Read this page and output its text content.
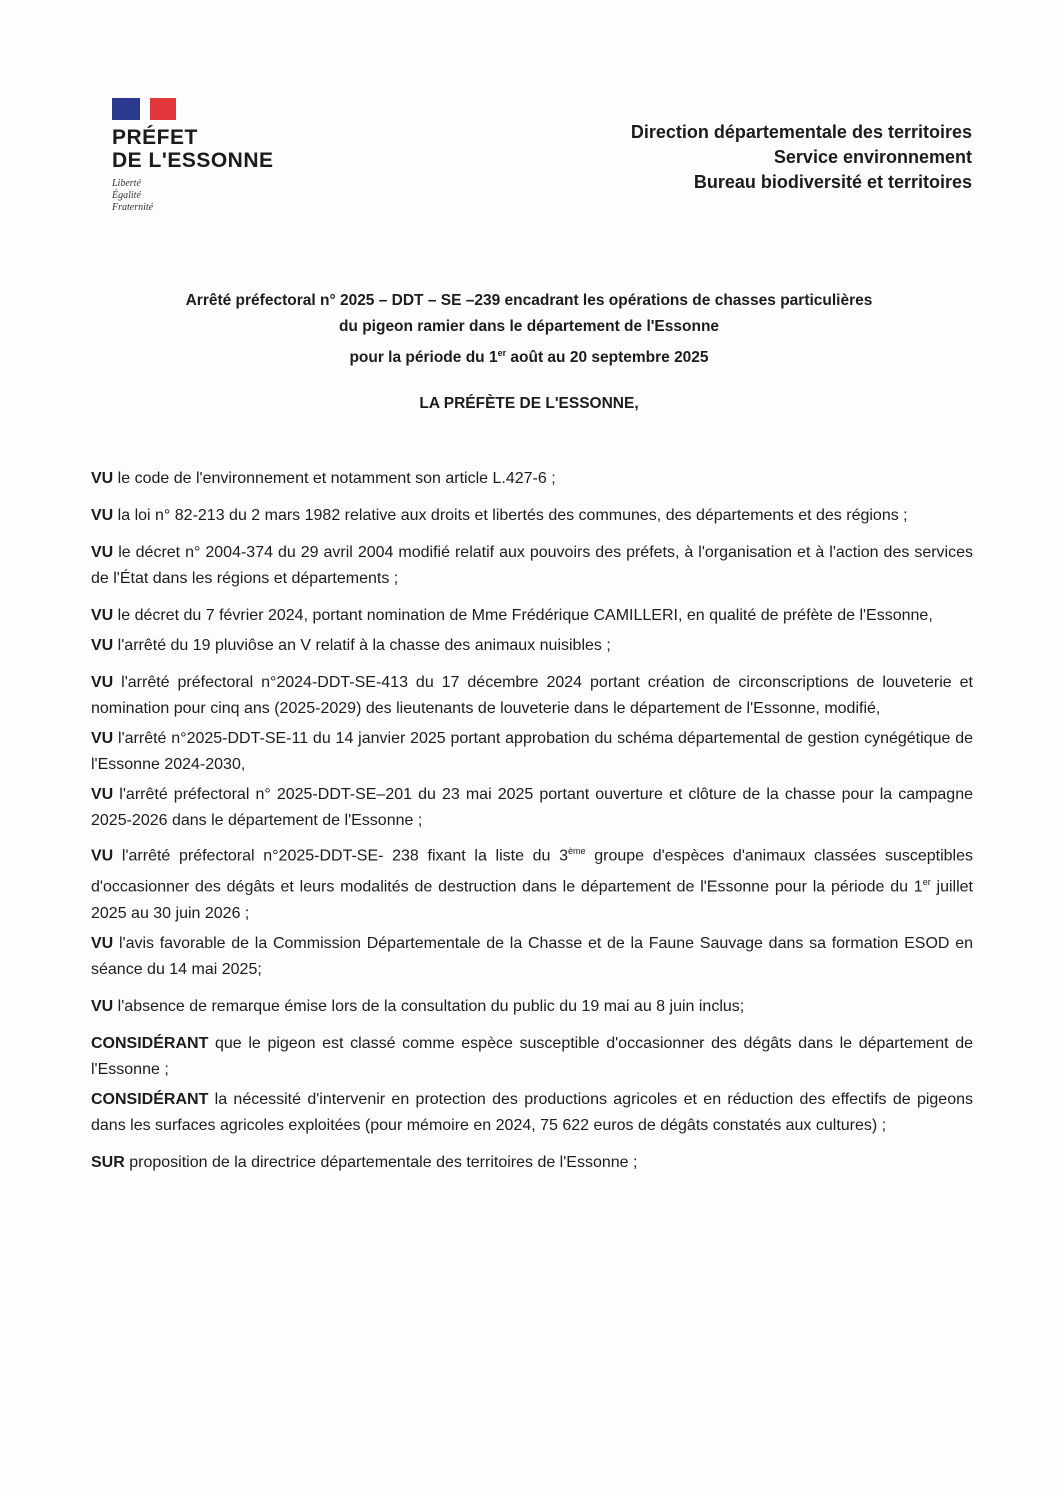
PRÉFET
DE L'ESSONNE
Liberté
Égalité
Fraternité
Direction départementale des territoires
Service environnement
Bureau biodiversité et territoires
Arrêté préfectoral n° 2025 – DDT – SE –239 encadrant les opérations de chasses particulières
du pigeon ramier dans le département de l'Essonne
pour la période du 1er août au 20 septembre 2025
LA PRÉFÈTE DE L'ESSONNE,

VU le code de l'environnement et notamment son article L.427-6 ;

VU la loi n° 82-213 du 2 mars 1982 relative aux droits et libertés des communes, des départements et des régions ;

VU le décret n° 2004-374 du 29 avril 2004 modifié relatif aux pouvoirs des préfets, à l'organisation et à l'action des services de l'État dans les régions et départements ;

VU le décret du 7 février 2024, portant nomination de Mme Frédérique CAMILLERI, en qualité de préfète de l'Essonne,

VU l'arrêté du 19 pluviôse an V relatif à la chasse des animaux nuisibles ;

VU l'arrêté préfectoral n°2024-DDT-SE-413 du 17 décembre 2024 portant création de circonscriptions de louveterie et nomination pour cinq ans (2025-2029) des lieutenants de louveterie dans le département de l'Essonne, modifié,

VU l'arrêté n°2025-DDT-SE-11 du 14 janvier 2025 portant approbation du schéma départemental de gestion cynégétique de l'Essonne 2024-2030,

VU l'arrêté préfectoral n° 2025-DDT-SE–201 du 23 mai 2025 portant ouverture et clôture de la chasse pour la campagne 2025-2026 dans le département de l'Essonne ;

VU l'arrêté préfectoral n°2025-DDT-SE- 238 fixant la liste du 3ème groupe d'espèces d'animaux classées susceptibles d'occasionner des dégâts et leurs modalités de destruction dans le département de l'Essonne pour la période du 1er juillet 2025 au 30 juin 2026 ;

VU l'avis favorable de la Commission Départementale de la Chasse et de la Faune Sauvage dans sa formation ESOD en séance du 14 mai 2025;

VU l'absence de remarque émise lors de la consultation du public du 19 mai au 8 juin inclus;

CONSIDÉRANT que le pigeon est classé comme espèce susceptible d'occasionner des dégâts dans le département de l'Essonne ;

CONSIDÉRANT la nécessité d'intervenir en protection des productions agricoles et en réduction des effectifs de pigeons dans les surfaces agricoles exploitées (pour mémoire en 2024, 75 622 euros de dégâts constatés aux cultures) ;

SUR proposition de la directrice départementale des territoires de l'Essonne ;
